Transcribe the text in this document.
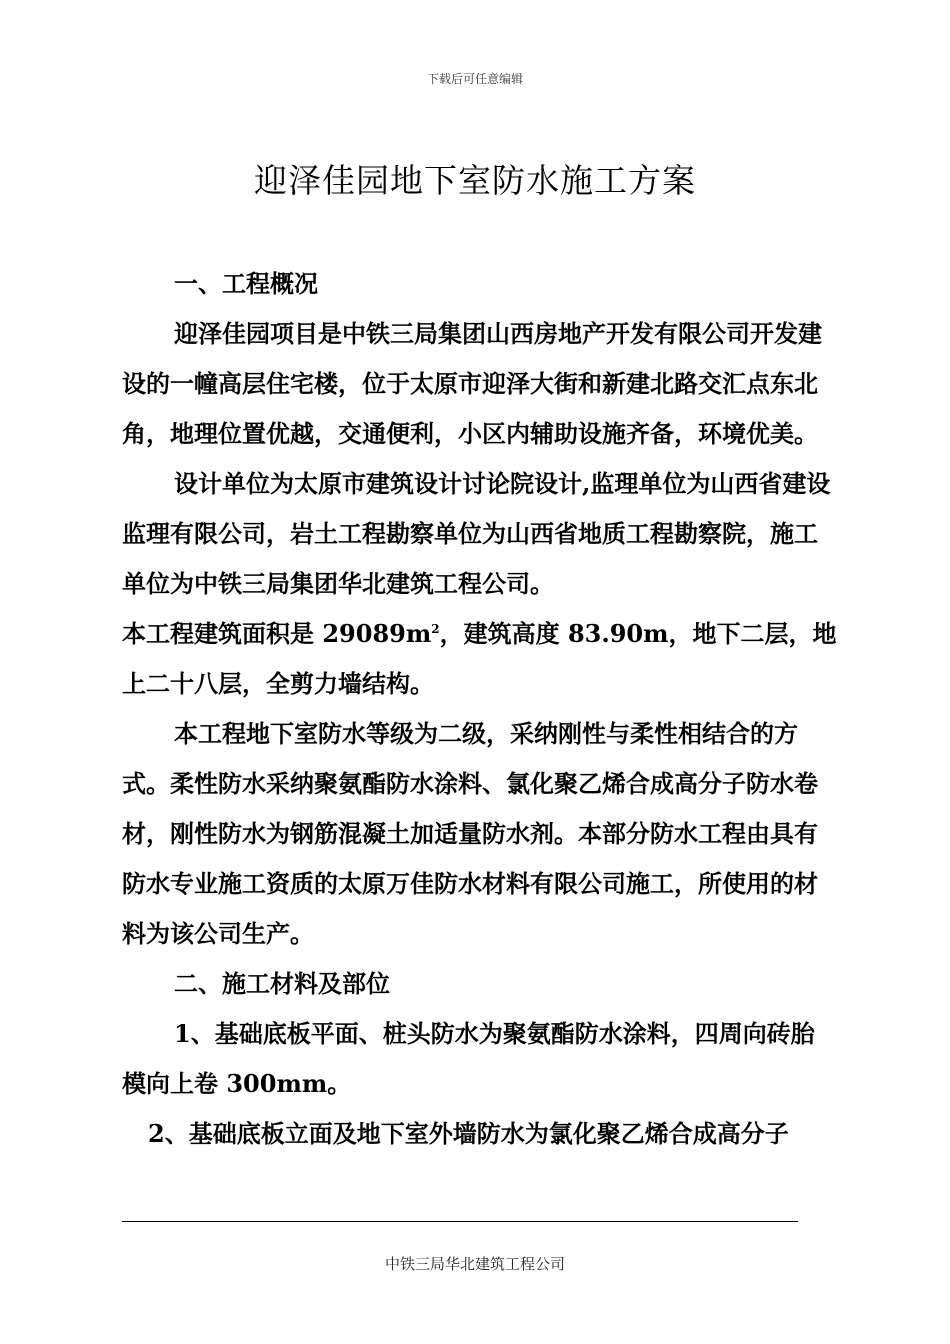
下载后可任意编辑
迎泽佳园地下室防水施工方案

一、工程概况

迎泽佳园项目是中铁三局集团山西房地产开发有限公司开发建设的一幢高层住宅楼，位于太原市迎泽大街和新建北路交汇点东北角，地理位置优越，交通便利，小区内辅助设施齐备，环境优美。

设计单位为太原市建筑设计讨论院设计,监理单位为山西省建设监理有限公司，岩土工程勘察单位为山西省地质工程勘察院，施工单位为中铁三局集团华北建筑工程公司。

本工程建筑面积是 $29089m^2$，建筑高度 83.90m，地下二层，地上二十八层，全剪力墙结构。

本工程地下室防水等级为二级，采纳刚性与柔性相结合的方式。柔性防水采纳聚氨酯防水涂料、氯化聚乙烯合成高分子防水卷材，刚性防水为钢筋混凝土加适量防水剂。本部分防水工程由具有防水专业施工资质的太原万佳防水材料有限公司施工，所使用的材料为该公司生产。

二、施工材料及部位

1、基础底板平面、桩头防水为聚氨酯防水涂料，四周向砖胎模向上卷 300mm。

2、基础底板立面及地下室外墙防水为氯化聚乙烯合成高分子

中铁三局华北建筑工程公司
